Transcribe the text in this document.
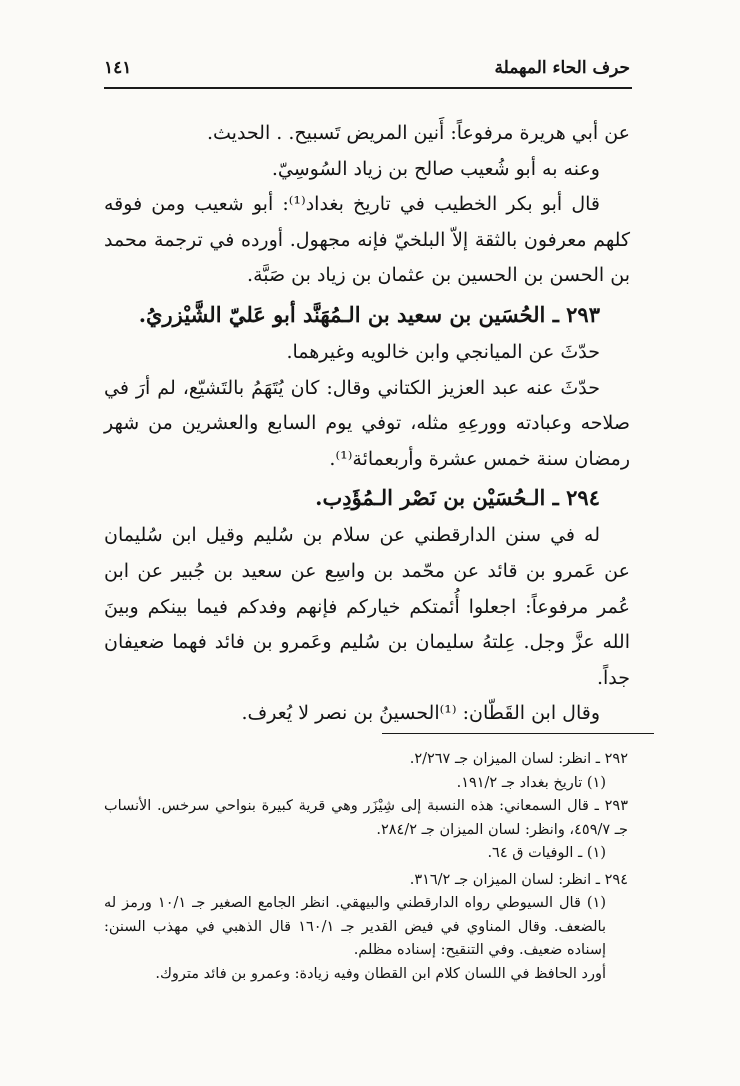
حرف الحاء المهملة
١٤١

عن أبي هريرة مرفوعاً: أَنين المريض تَسبيح. . الحديث.

وعنه به أبو شُعيب صالح بن زياد السُوسِيّ.

قال أبو بكر الخطيب في تاريخ بغداد⁽¹⁾: أبو شعيب ومن فوقه كلهم معرفون بالثقة إلاّ البلخيّ فإنه مجهول. أورده في ترجمة محمد بن الحسن بن الحسين بن عثمان بن زياد بن صَبَّة.

٢٩٣ ـ الحُسَين بن سعيد بن الـمُهَنَّد أبو عَليّ الشَّيْزريُ.

حدّثَ عن الميانجي وابن خالويه وغيرهما.

حدّثَ عنه عبد العزيز الكتاني وقال: كان يُتَهَمُ بالتَشيّع، لم أرَ في صلاحه وعبادته وورعِهِ مثله، توفي يوم السابع والعشرين من شهر رمضان سنة خمس عشرة وأربعمائة⁽¹⁾.

٢٩٤ ـ الـحُسَيْن بن نَصْر الـمُؤَدِب.

له في سنن الدارقطني عن سلام بن سُليم وقيل ابن سُليمان عن عَمرو بن قائد عن محّمد بن واسِع عن سعيد بن جُبير عن ابن عُمر مرفوعاً: اجعلوا أُئمتكم خياركم فإنهم وفدكم فيما بينكم وبينَ الله عزَّ وجل. عِلتهُ سليمان بن سُليم وعَمرو بن فائد فهما ضعيفان جداً.

وقال ابن القَطّان: ⁽¹⁾الحسينُ بن نصر لا يُعرف.

٢٩٢ ـ انظر: لسان الميزان جـ ٢/٢٦٧.

(١) تاريخ بغداد جـ ١٩١/٢.

٢٩٣ ـ قال السمعاني: هذه النسبة إلى شِيْزَر وهي قرية كبيرة بنواحي سرخس. الأنساب جـ ٤٥٩/٧، وانظر: لسان الميزان جـ ٢٨٤/٢.

(١) ـ الوفيات ق ٦٤.

٢٩٤ ـ انظر: لسان الميزان جـ ٣١٦/٢.

(١) قال السيوطي رواه الدارقطني والبيهقي. انظر الجامع الصغير جـ ١٠/١ ورمز له بالضعف. وقال المناوي في فيض القدير جـ ١٦٠/١ قال الذهبي في مهذب السنن: إسناده ضعيف. وفي التنقيح: إسناده مظلم.

أورد الحافظ في اللسان كلام ابن القطان وفيه زيادة: وعمرو بن فائد متروك.
